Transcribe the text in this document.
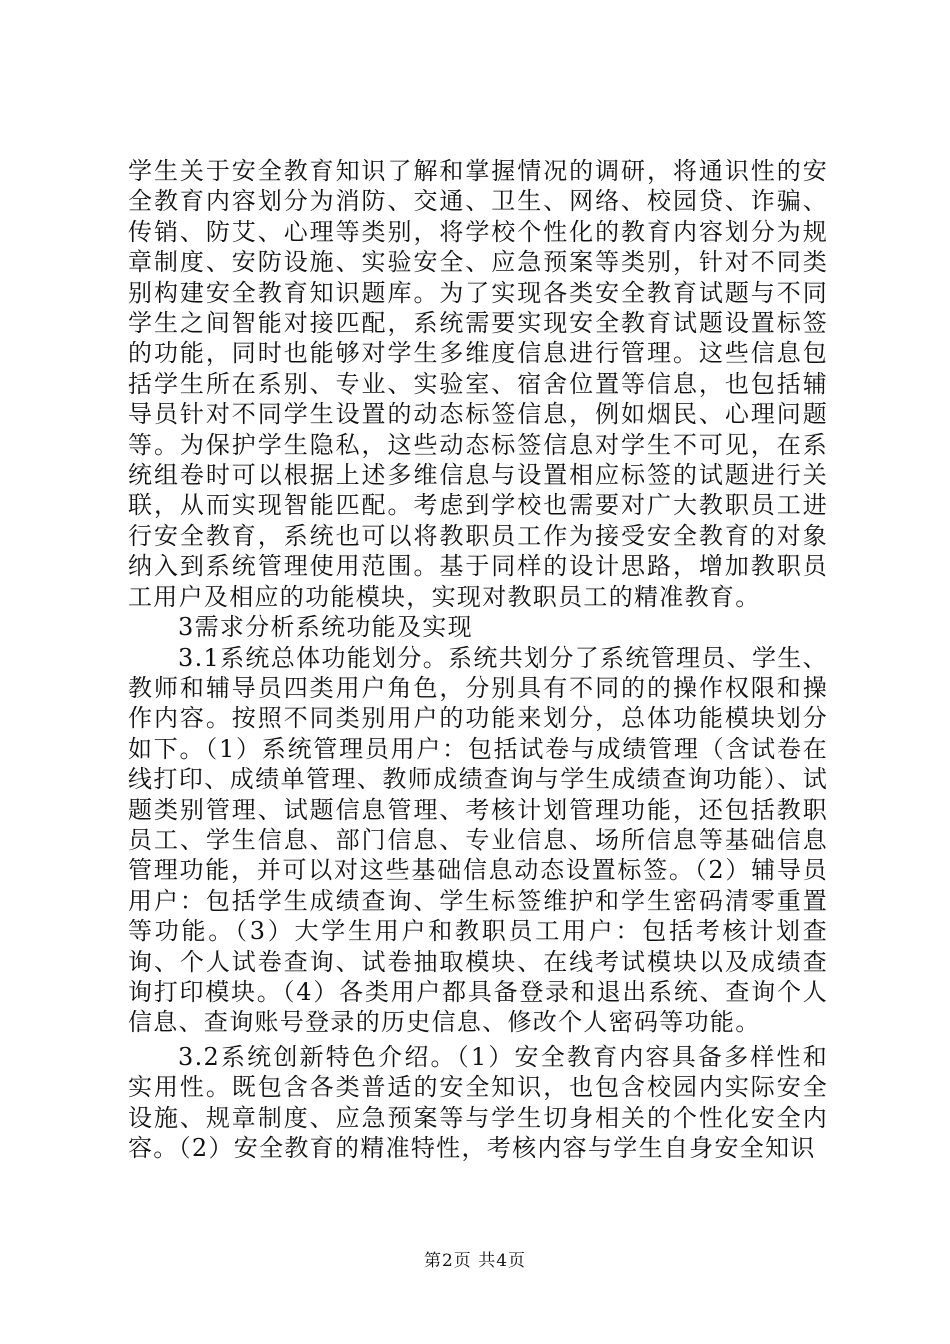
学生关于安全教育知识了解和掌握情况的调研，将通识性的安全教育内容划分为消防、交通、卫生、网络、校园贷、诈骗、传销、防艾、心理等类别，将学校个性化的教育内容划分为规章制度、安防设施、实验安全、应急预案等类别，针对不同类别构建安全教育知识题库。为了实现各类安全教育试题与不同学生之间智能对接匹配，系统需要实现安全教育试题设置标签的功能，同时也能够对学生多维度信息进行管理。这些信息包括学生所在系别、专业、实验室、宿舍位置等信息，也包括辅导员针对不同学生设置的动态标签信息，例如烟民、心理问题等。为保护学生隐私，这些动态标签信息对学生不可见，在系统组卷时可以根据上述多维信息与设置相应标签的试题进行关联，从而实现智能匹配。考虑到学校也需要对广大教职员工进行安全教育，系统也可以将教职员工作为接受安全教育的对象纳入到系统管理使用范围。基于同样的设计思路，增加教职员工用户及相应的功能模块，实现对教职员工的精准教育。

3需求分析系统功能及实现

3.1系统总体功能划分。系统共划分了系统管理员、学生、教师和辅导员四类用户角色，分别具有不同的的操作权限和操作内容。按照不同类别用户的功能来划分，总体功能模块划分如下。（1）系统管理员用户：包括试卷与成绩管理（含试卷在线打印、成绩单管理、教师成绩查询与学生成绩查询功能）、试题类别管理、试题信息管理、考核计划管理功能，还包括教职员工、学生信息、部门信息、专业信息、场所信息等基础信息管理功能，并可以对这些基础信息动态设置标签。（2）辅导员用户：包括学生成绩查询、学生标签维护和学生密码清零重置等功能。（3）大学生用户和教职员工用户：包括考核计划查询、个人试卷查询、试卷抽取模块、在线考试模块以及成绩查询打印模块。（4）各类用户都具备登录和退出系统、查询个人信息、查询账号登录的历史信息、修改个人密码等功能。

3.2系统创新特色介绍。（1）安全教育内容具备多样性和实用性。既包含各类普适的安全知识，也包含校园内实际安全设施、规章制度、应急预案等与学生切身相关的个性化安全内容。（2）安全教育的精准特性，考核内容与学生自身安全知识

第2页 共4页
